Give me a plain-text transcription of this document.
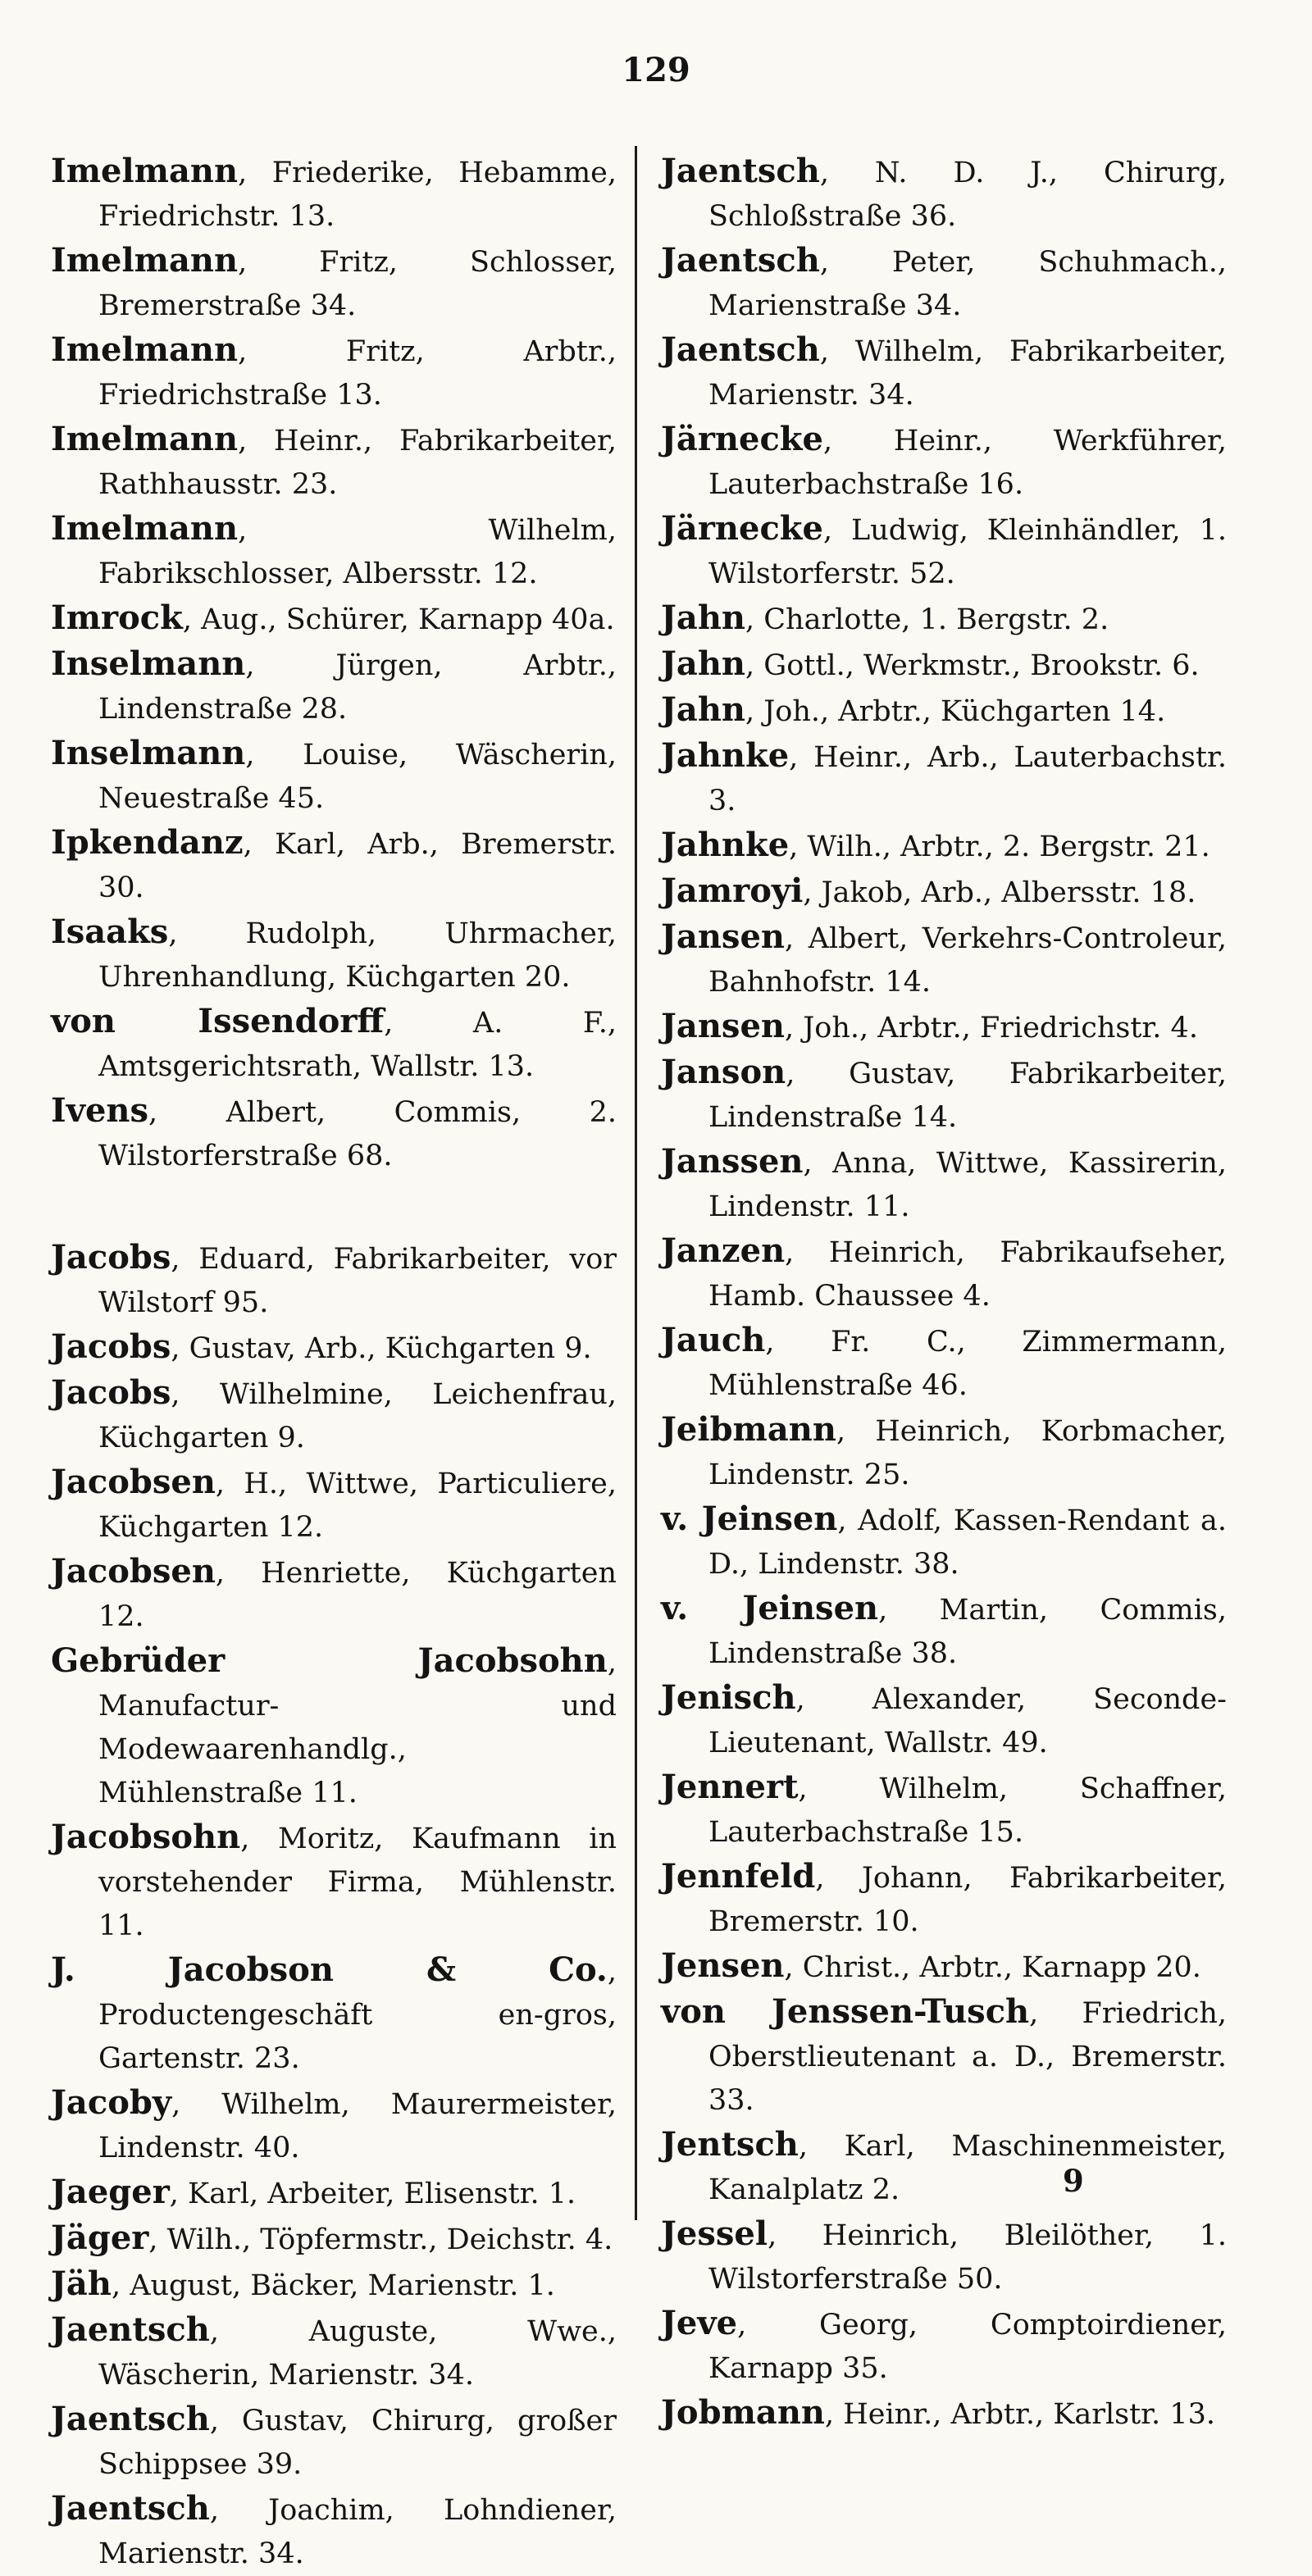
129
Imelmann, Friederike, Hebamme, Friedrichstr. 13.
Imelmann, Fritz, Schlosser, Bremerstraße 34.
Imelmann, Fritz, Arbtr., Friedrichstraße 13.
Imelmann, Heinr., Fabrikarbeiter, Rathhausstr. 23.
Imelmann, Wilhelm, Fabrikschlosser, Albersstr. 12.
Imrock, Aug., Schürer, Karnapp 40a.
Inselmann, Jürgen, Arbtr., Lindenstraße 28.
Inselmann, Louise, Wäscherin, Neuestraße 45.
Ipkendanz, Karl, Arb., Bremerstr. 30.
Isaaks, Rudolph, Uhrmacher, Uhrenhandlung, Küchgarten 20.
von Issendorff, A. F., Amtsgerichtsrath, Wallstr. 13.
Ivens, Albert, Commis, 2. Wilstorferstraße 68.
Jacobs, Eduard, Fabrikarbeiter, vor Wilstorf 95.
Jacobs, Gustav, Arb., Küchgarten 9.
Jacobs, Wilhelmine, Leichenfrau, Küchgarten 9.
Jacobsen, H., Wittwe, Particuliere, Küchgarten 12.
Jacobsen, Henriette, Küchgarten 12.
Gebrüder Jacobsohn, Manufactur- und Modewaarenhandlg., Mühlenstraße 11.
Jacobsohn, Moritz, Kaufmann in vorstehender Firma, Mühlenstr. 11.
J. Jacobson & Co., Productengeschäft en-gros, Gartenstr. 23.
Jacoby, Wilhelm, Maurermeister, Lindenstr. 40.
Jaeger, Karl, Arbeiter, Elisenstr. 1.
Jäger, Wilh., Töpfermstr., Deichstr. 4.
Jäh, August, Bäcker, Marienstr. 1.
Jaentsch, Auguste, Wwe., Wäscherin, Marienstr. 34.
Jaentsch, Gustav, Chirurg, großer Schippsee 39.
Jaentsch, Joachim, Lohndiener, Marienstr. 34.
Jaentsch, N. D. J., Chirurg, Schloßstraße 36.
Jaentsch, Peter, Schuhmach., Marienstraße 34.
Jaentsch, Wilhelm, Fabrikarbeiter, Marienstr. 34.
Järnecke, Heinr., Werkführer, Lauterbachstraße 16.
Järnecke, Ludwig, Kleinhändler, 1. Wilstorferstr. 52.
Jahn, Charlotte, 1. Bergstr. 2.
Jahn, Gottl., Werkmstr., Brookstr. 6.
Jahn, Joh., Arbtr., Küchgarten 14.
Jahnke, Heinr., Arb., Lauterbachstr. 3.
Jahnke, Wilh., Arbtr., 2. Bergstr. 21.
Jamroyi, Jakob, Arb., Albersstr. 18.
Jansen, Albert, Verkehrs-Controleur, Bahnhofstr. 14.
Jansen, Joh., Arbtr., Friedrichstr. 4.
Janson, Gustav, Fabrikarbeiter, Lindenstraße 14.
Janssen, Anna, Wittwe, Kassirerin, Lindenstr. 11.
Janzen, Heinrich, Fabrikaufseher, Hamb. Chaussee 4.
Jauch, Fr. C., Zimmermann, Mühlenstraße 46.
Jeibmann, Heinrich, Korbmacher, Lindenstr. 25.
v. Jeinsen, Adolf, Kassen-Rendant a. D., Lindenstr. 38.
v. Jeinsen, Martin, Commis, Lindenstraße 38.
Jenisch, Alexander, Seconde-Lieutenant, Wallstr. 49.
Jennert, Wilhelm, Schaffner, Lauterbachstraße 15.
Jennfeld, Johann, Fabrikarbeiter, Bremerstr. 10.
Jensen, Christ., Arbtr., Karnapp 20.
von Jenssen-Tusch, Friedrich, Oberstlieutenant a. D., Bremerstr. 33.
Jentsch, Karl, Maschinenmeister, Kanalplatz 2.
Jessel, Heinrich, Bleilöther, 1. Wilstorferstraße 50.
Jeve, Georg, Comptoirdiener, Karnapp 35.
Jobmann, Heinr., Arbtr., Karlstr. 13.
9
